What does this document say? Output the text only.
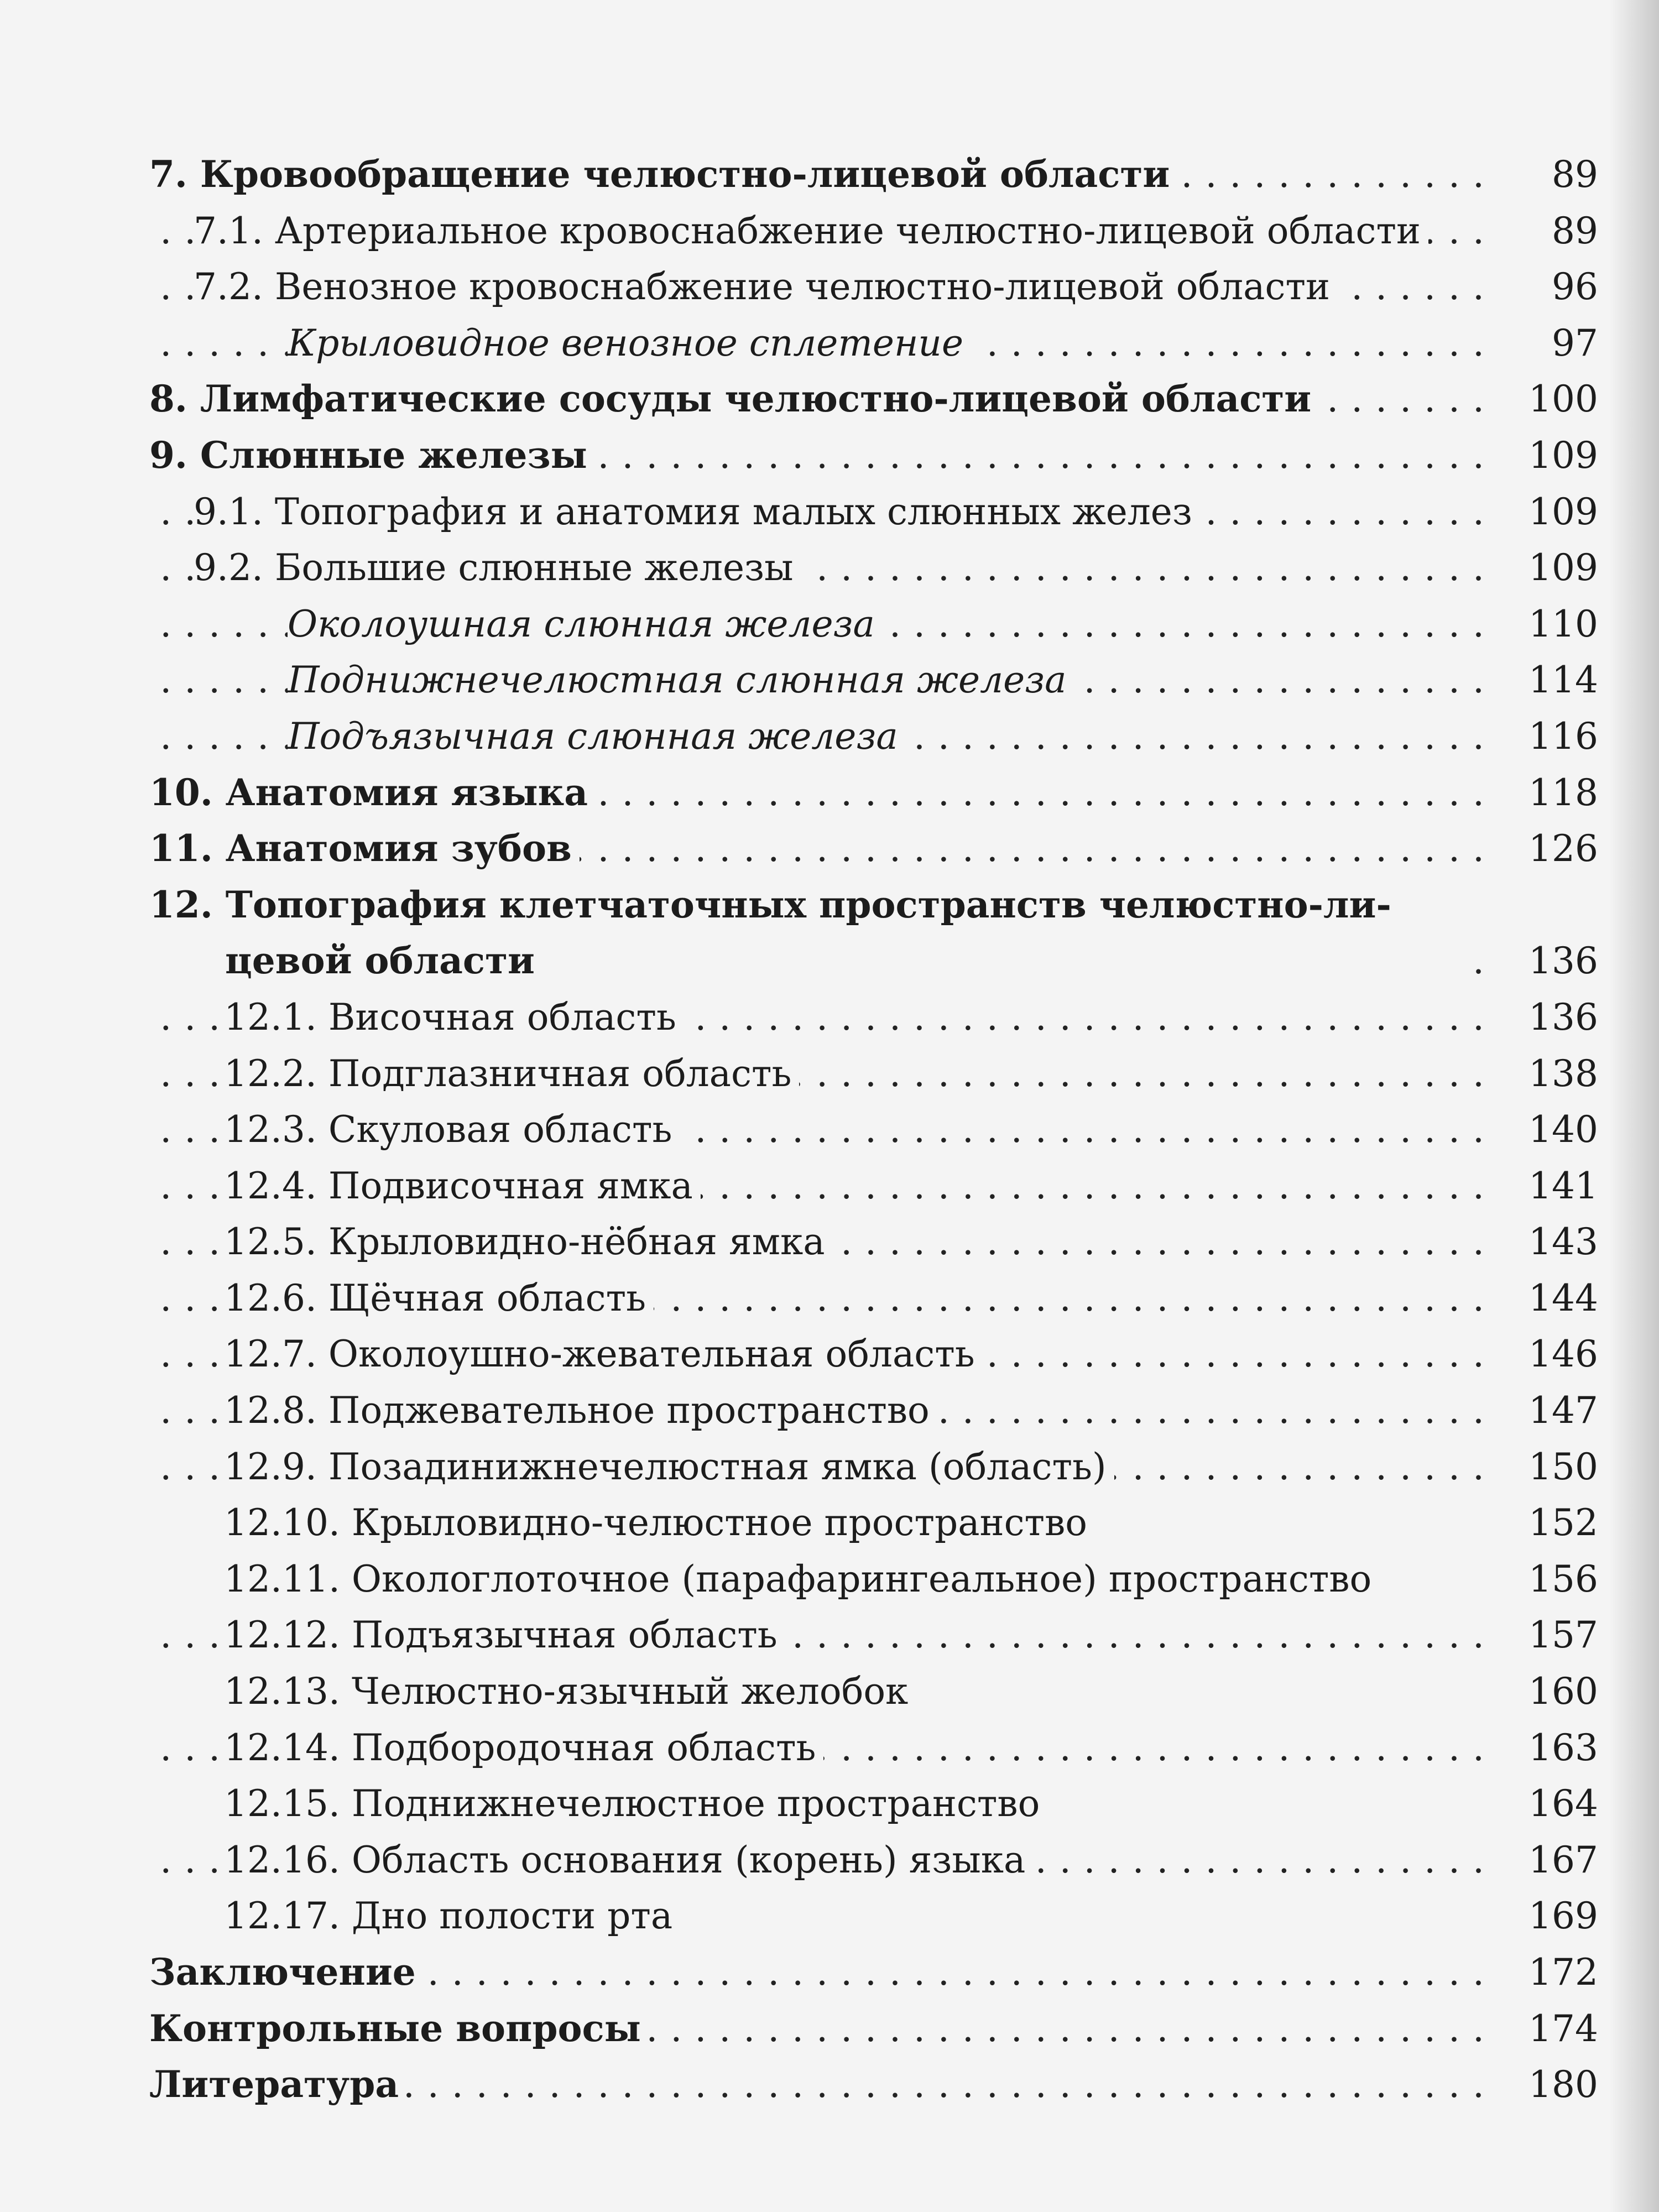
. . .
7. Кровообращение челюстно-лицевой области	89
. . .
7.1. Артериальное кровоснабжение челюстно-лицевой области	89
. . .
7.2. Венозное кровоснабжение челюстно-лицевой области	96
. . .
Крыловидное венозное сплетение	97
. . .
8. Лимфатические сосуды челюстно-лицевой области	100
. . .
9. Слюнные железы	109
. . .
9.1. Топография и анатомия малых слюнных желез	109
. . .
9.2. Большие слюнные железы	109
. . .
Околоушная слюнная железа	110
. . .
Поднижнечелюстная слюнная железа	114
. . .
Подъязычная слюнная железа	116
. . .
10. Анатомия языка	118
. . .
11. Анатомия зубов	126
. . .
12. Топография клетчаточных пространств челюстно-ли-
цевой области	136
. . .
12.1. Височная область	136
. . .
12.2. Подглазничная область	138
. . .
12.3. Скуловая область	140
. . .
12.4. Подвисочная ямка	141
. . .
12.5. Крыловидно-нёбная ямка	143
. . .
12.6. Щёчная область	144
. . .
12.7. Околоушно-жевательная область	146
. . .
12.8. Поджевательное пространство	147
. . .
12.9. Позадинижнечелюстная ямка (область)	150
12.10. Крыловидно-челюстное пространство	152
12.11. Окологлоточное (парафарингеальное) пространство	156
. . .
12.12. Подъязычная область	157
12.13. Челюстно-язычный желобок	160
. . .
12.14. Подбородочная область	163
12.15. Поднижнечелюстное пространство	164
. . .
12.16. Область основания (корень) языка	167
12.17. Дно полости рта	169
. . .
Заключение	172
. . .
Контрольные вопросы	174
. . .
Литература	180
